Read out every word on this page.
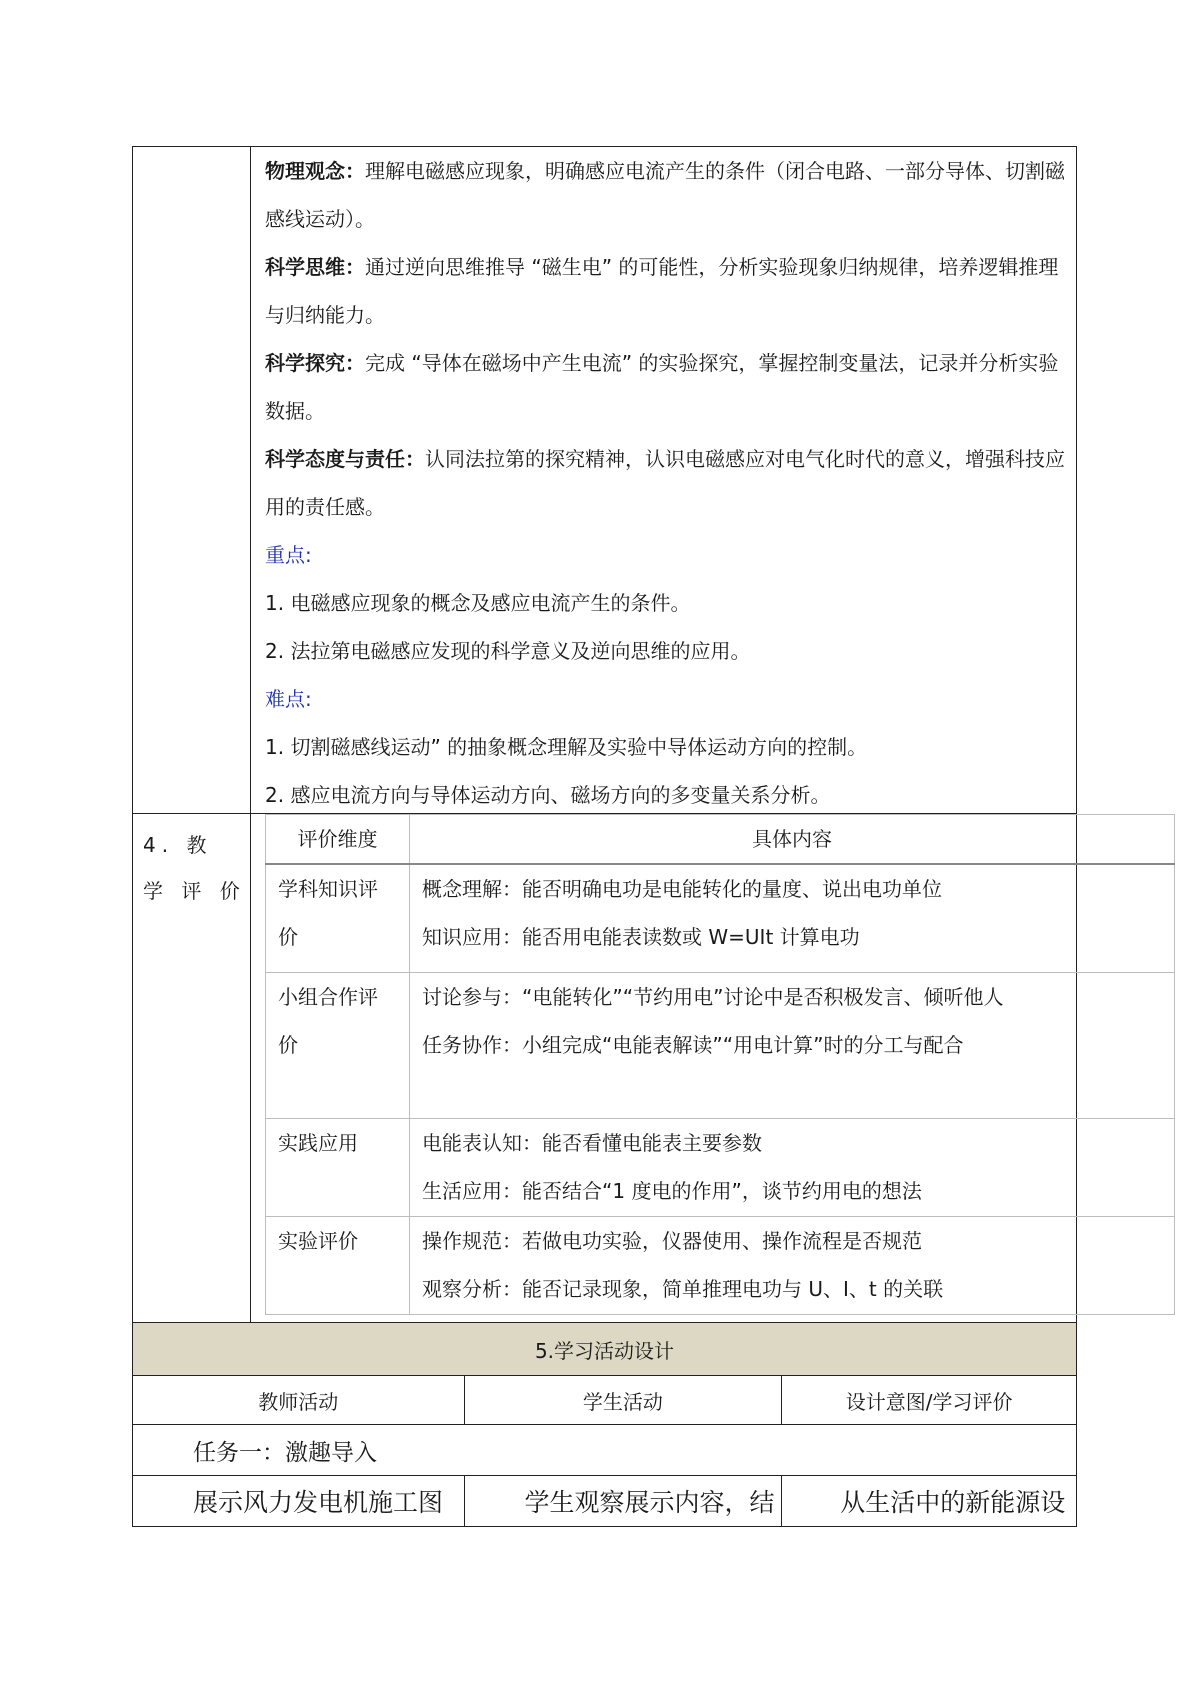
物理观念：理解电磁感应现象，明确感应电流产生的条件（闭合电路、一部分导体、切割磁感线运动）。

科学思维：通过逆向思维推导 “磁生电” 的可能性，分析实验现象归纳规律，培养逻辑推理与归纳能力。

科学探究：完成 “导体在磁场中产生电流” 的实验探究，掌握控制变量法，记录并分析实验数据。

科学态度与责任：认同法拉第的探究精神，认识电磁感应对电气化时代的意义，增强科技应用的责任感。

重点:

1. 电磁感应现象的概念及感应电流产生的条件。

2. 法拉第电磁感应发现的科学意义及逆向思维的应用。

难点:

1. 切割磁感线运动” 的抽象概念理解及实验中导体运动方向的控制。

2. 感应电流方向与导体运动方向、磁场方向的多变量关系分析。

4. 教 学 评 价
评价维度	具体内容
学科知识评价	概念理解：能否明确电功是电能转化的量度、说出电功单位
知识应用：能否用电能表读数或 W=UIt 计算电功

小组合作评价	讨论参与：“电能转化”“节约用电”讨论中是否积极发言、倾听他人
任务协作：小组完成“电能表解读”“用电计算”时的分工与配合

实践应用	电能表认知：能否看懂电能表主要参数
生活应用：能否结合“1 度电的作用”，谈节约用电的想法

实验评价	操作规范：若做电功实验，仪器使用、操作流程是否规范
观察分析：能否记录现象，简单推理电功与 U、I、t 的关联
5.学习活动设计		
教师活动	学生活动	设计意图/学习评价
任务一：激趣导入		
展示风力发电机施工图	学生观察展示内容，结	从生活中的新能源设
